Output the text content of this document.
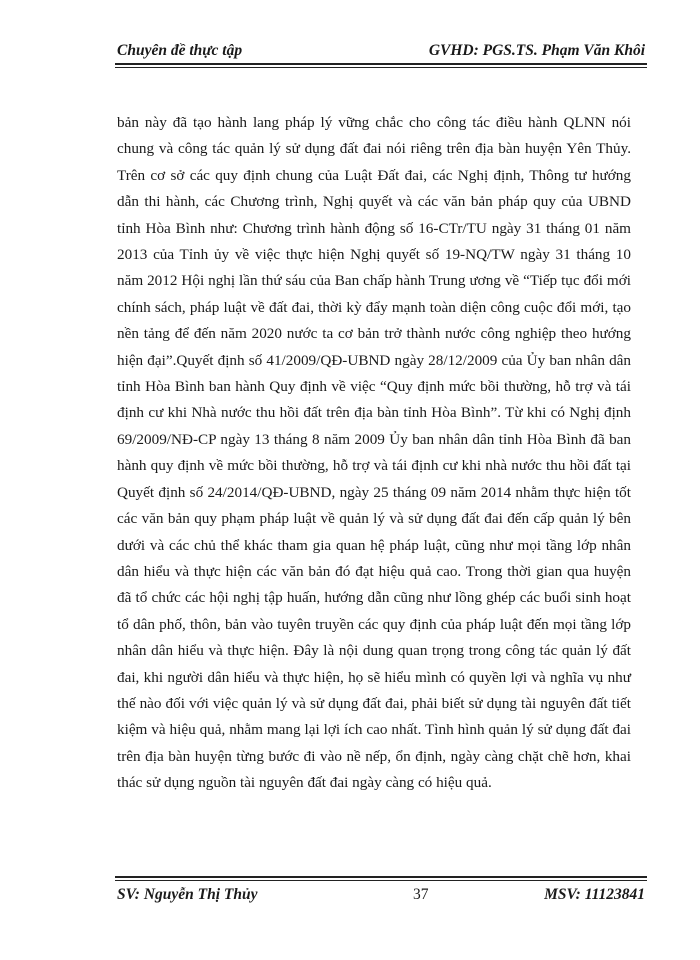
Chuyên đề thực tập	GVHD: PGS.TS. Phạm Văn Khôi
bản này đã tạo hành lang pháp lý vững chắc cho công tác điều hành QLNN nói
chung và công tác quản lý sử dụng đất đai nói riêng trên địa bàn huyện Yên Thủy.
Trên cơ sở các quy định chung của Luật Đất đai, các Nghị định, Thông tư hướng
dẫn thi hành, các Chương trình, Nghị quyết và các văn bản pháp quy của UBND
tỉnh Hòa Bình như: Chương trình hành động số 16-CTr/TU ngày 31 tháng 01 năm
2013 của Tỉnh ủy về việc thực hiện Nghị quyết số 19-NQ/TW ngày 31 tháng 10
năm 2012 Hội nghị lần thứ sáu của Ban chấp hành Trung ương về “Tiếp tục đổi mới
chính sách, pháp luật về đất đai, thời kỳ đẩy mạnh toàn diện công cuộc đổi mới, tạo
nền tảng để đến năm 2020 nước ta cơ bản trở thành nước công nghiệp theo hướng
hiện đại”.Quyết định số 41/2009/QĐ-UBND ngày 28/12/2009 của Ủy ban nhân dân
tỉnh Hòa Bình ban hành Quy định về việc “Quy định mức bồi thường, hỗ trợ và tái
định cư khi Nhà nước thu hồi đất trên địa bàn tỉnh Hòa Bình”. Từ khi có Nghị định
69/2009/NĐ-CP ngày 13 tháng 8 năm 2009 Ủy ban nhân dân tỉnh Hòa Bình đã ban
hành quy định về mức bồi thường, hỗ trợ và tái định cư khi nhà nước thu hồi đất tại
Quyết định số 24/2014/QĐ-UBND, ngày 25 tháng 09 năm 2014 nhằm thực hiện tốt
các văn bản quy phạm pháp luật về quản lý và sử dụng đất đai đến cấp quản lý bên
dưới và các chủ thể khác tham gia quan hệ pháp luật, cũng như mọi tầng lớp nhân
dân hiểu và thực hiện các văn bản đó đạt hiệu quả cao. Trong thời gian qua huyện
đã tổ chức các hội nghị tập huấn, hướng dẫn cũng như lồng ghép các buổi sinh hoạt
tổ dân phố, thôn, bản vào tuyên truyền các quy định của pháp luật đến mọi tầng lớp
nhân dân hiểu và thực hiện. Đây là nội dung quan trọng trong công tác quản lý đất
đai, khi người dân hiểu và thực hiện, họ sẽ hiểu mình có quyền lợi và nghĩa vụ như
thế nào đối với việc quản lý và sử dụng đất đai, phải biết sử dụng tài nguyên đất tiết
kiệm và hiệu quả, nhằm mang lại lợi ích cao nhất. Tình hình quản lý sử dụng đất đai
trên địa bàn huyện từng bước đi vào nề nếp, ổn định, ngày càng chặt chẽ hơn, khai
thác sử dụng nguồn tài nguyên đất đai ngày càng có hiệu quả.
SV: Nguyễn Thị Thủy	37	MSV: 11123841
